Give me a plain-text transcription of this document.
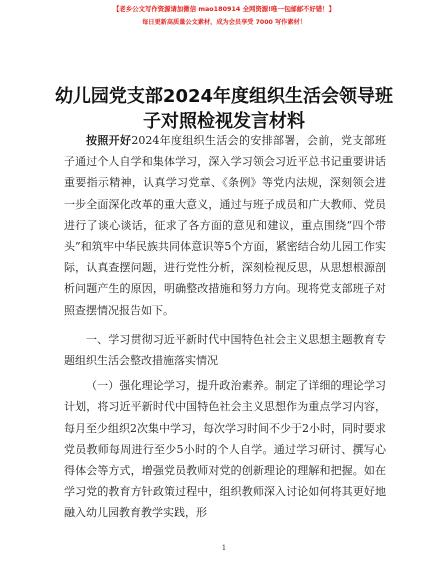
【老乡公文写作资源请加微信 mao180914 全网资源!唯一包邮邮不好错！】
每日更新高质量公文素材，成为会员享受 7000 写作素材！
幼儿园党支部2024年度组织生活会领导班子对照检视发言材料

按照开好2024年度组织生活会的安排部署，会前，党支部班子通过个人自学和集体学习，深入学习领会习近平总书记重要讲话重要指示精神，认真学习党章、《条例》等党内法规，深刻领会进一步全面深化改革的重大意义，通过与班子成员和广大教师、党员进行了谈心谈话，征求了各方面的意见和建议，重点围绕“四个带头”和筑牢中华民族共同体意识等5个方面，紧密结合幼儿园工作实际，认真查摆问题，进行党性分析，深刻检视反思，从思想根源剖析问题产生的原因，明确整改措施和努力方向。现将党支部班子对照查摆情况报告如下。

一、学习贯彻习近平新时代中国特色社会主义思想主题教育专题组织生活会整改措施落实情况

（一）强化理论学习，提升政治素养。制定了详细的理论学习计划，将习近平新时代中国特色社会主义思想作为重点学习内容，每月至少组织2次集中学习，每次学习时间不少于2小时，同时要求党员教师每周进行至少5小时的个人自学。通过学习研讨、撰写心得体会等方式，增强党员教师对党的创新理论的理解和把握。如在学习党的教育方针政策过程中，组织教师深入讨论如何将其更好地融入幼儿园教育教学实践，形

1
